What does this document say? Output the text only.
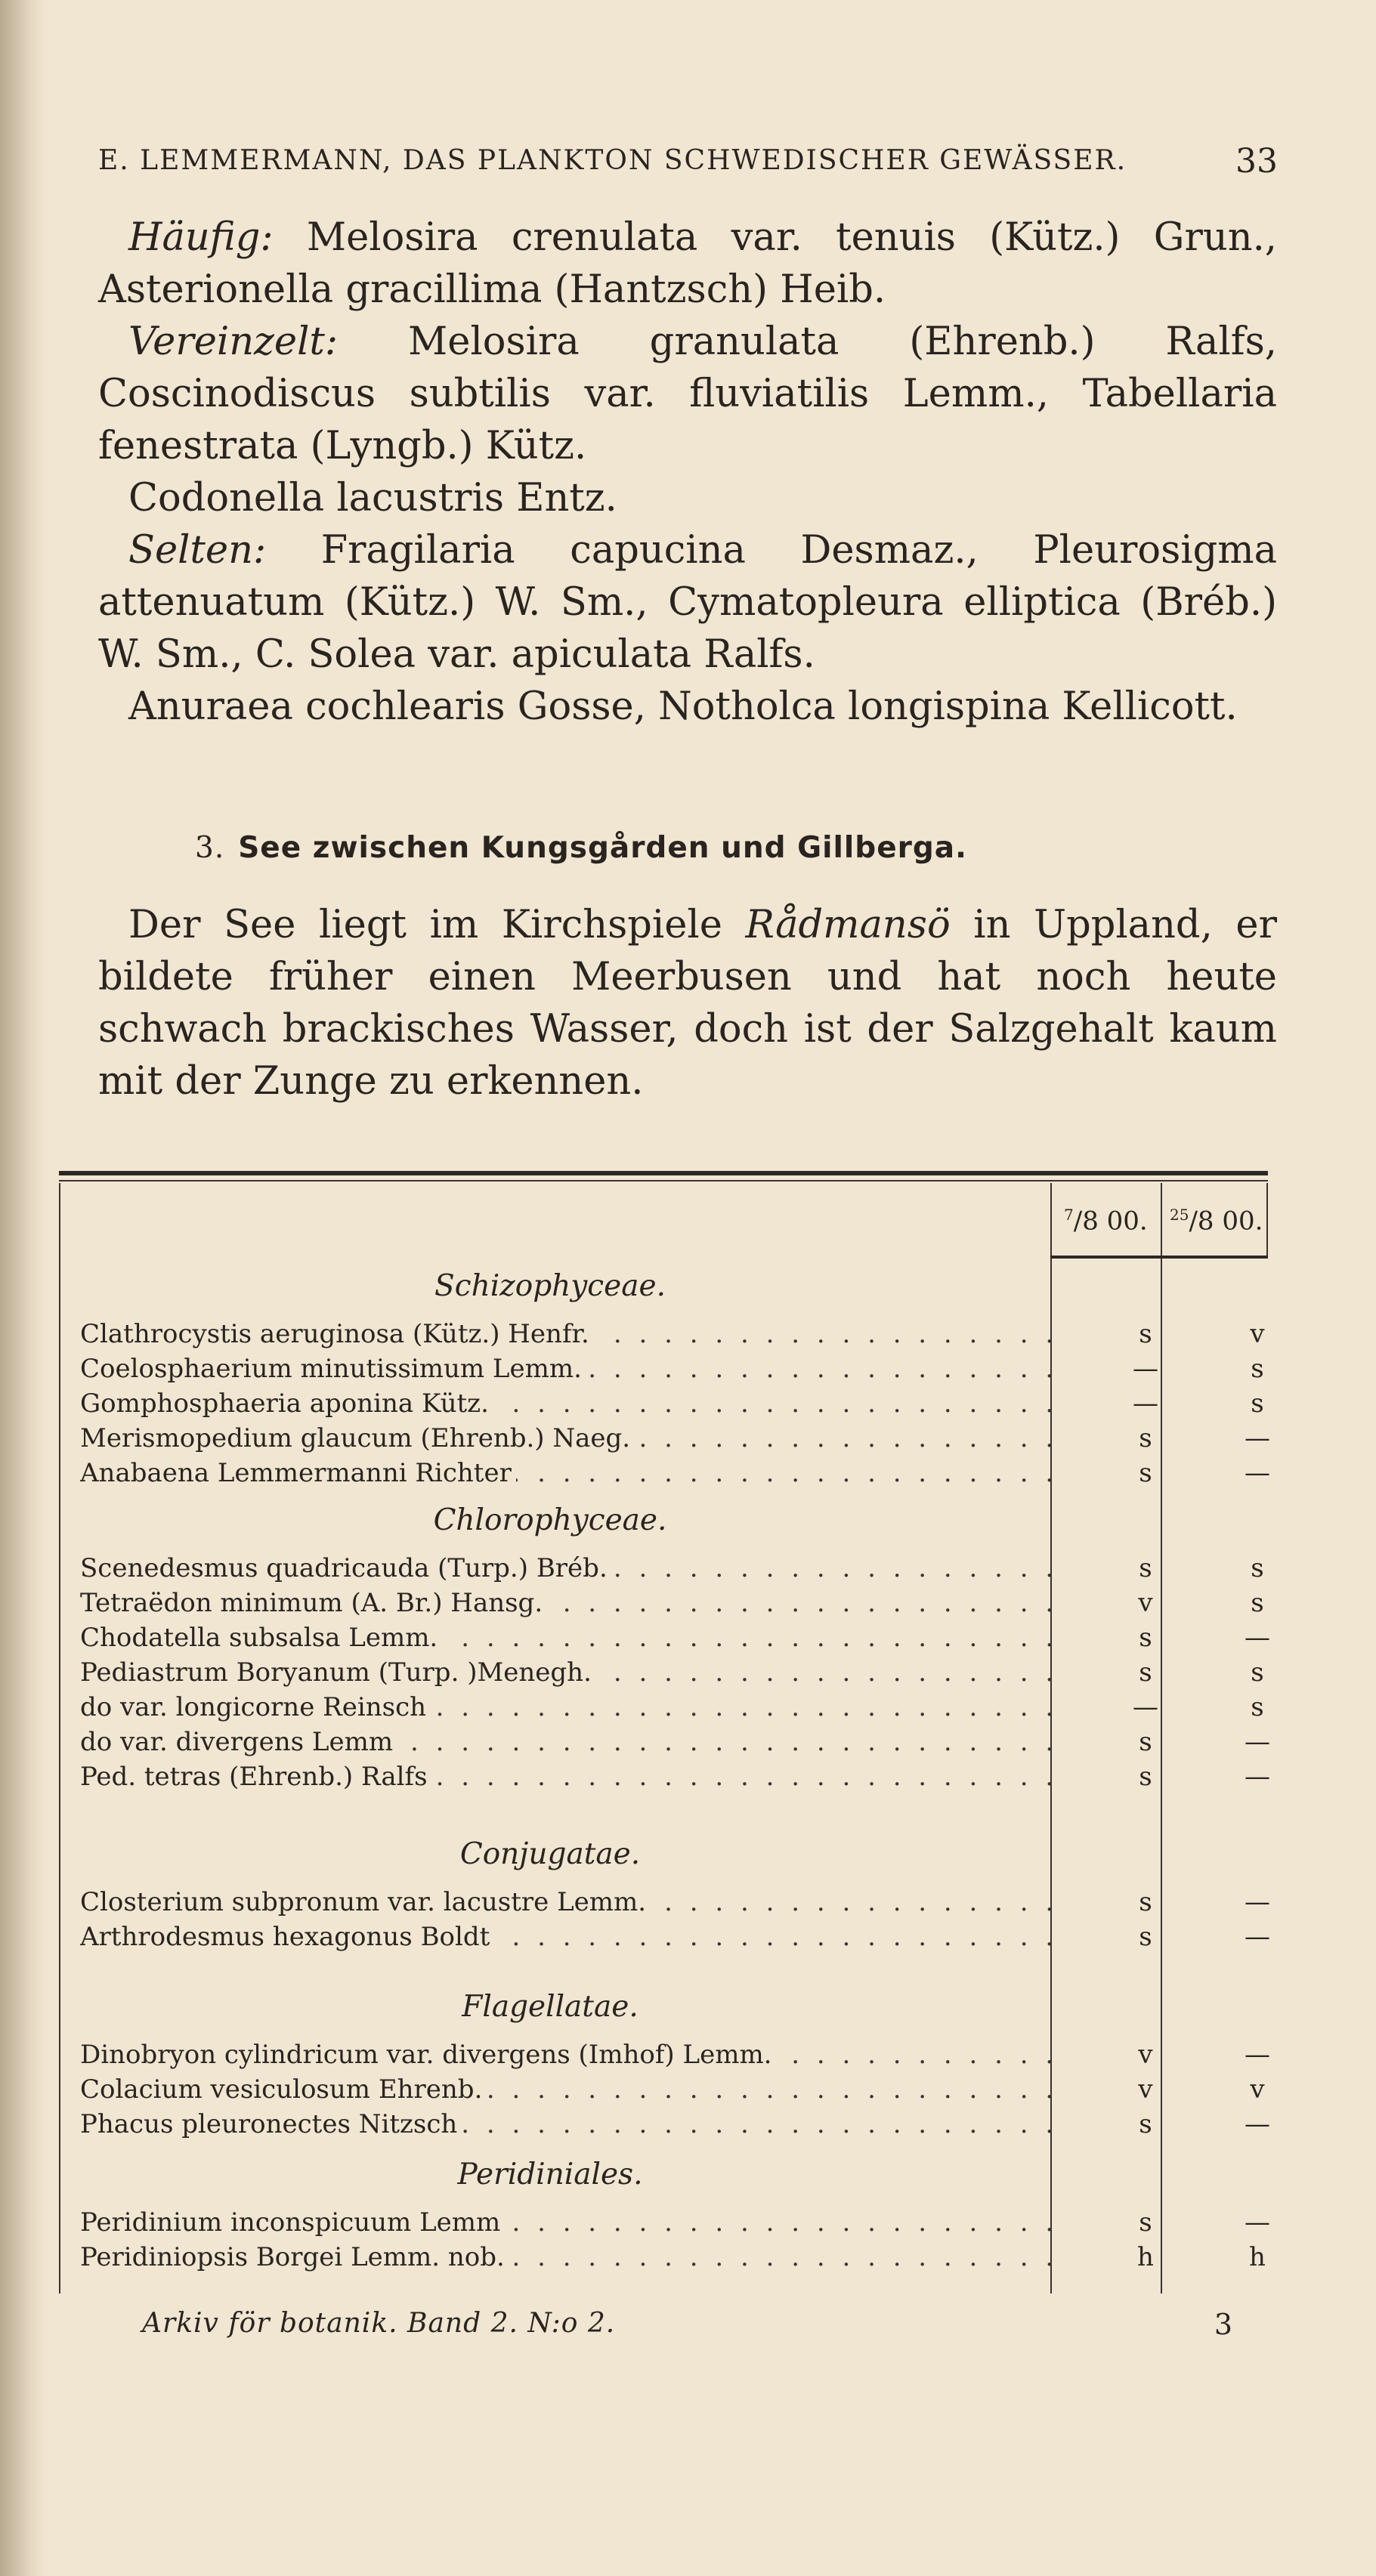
E. LEMMERMANN, DAS PLANKTON SCHWEDISCHER GEWÄSSER.	33

Häufig: Melosira crenulata var. tenuis (Kütz.) Grun., Asterionella gracillima (Hantzsch) Heib.

Vereinzelt: Melosira granulata (Ehrenb.) Ralfs, Coscinodiscus subtilis var. fluviatilis Lemm., Tabellaria fenestrata (Lyngb.) Kütz.

Codonella lacustris Entz.

Selten: Fragilaria capucina Desmaz., Pleurosigma attenuatum (Kütz.) W. Sm., Cymatopleura elliptica (Bréb.) W. Sm., C. Solea var. apiculata Ralfs.

Anuraea cochlearis Gosse, Notholca longispina Kellicott.

3. See zwischen Kungsgården und Gillberga.

Der See liegt im Kirchspiele Rådmansö in Uppland, er bildete früher einen Meerbusen und hat noch heute schwach brackisches Wasser, doch ist der Salzgehalt kaum mit der Zunge zu erkennen.

$^7$/8 00. $^{25}$/8 00.
Schizophyceae.
Clathrocystis aeruginosa (Kütz.) Henfr. . . .	s	v
Coelosphaerium minutissimum Lemm. . . .	—	s
Gomphosphaeria aponina Kütz. . . .	—	s
Merismopedium glaucum (Ehrenb.) Naeg. . . .	s	—
Anabaena Lemmermanni Richter . . .	s	—
Chlorophyceae.
Scenedesmus quadricauda (Turp.) Bréb. . . .	s	s
Tetraëdon minimum (A. Br.) Hansg. . . .	v	s
Chodatella subsalsa Lemm. . . .	s	—
Pediastrum Boryanum (Turp. )Menegh. . . .	s	s
do var. longicorne Reinsch . . .	—	s
do var. divergens Lemm . . .	s	—
Ped. tetras (Ehrenb.) Ralfs . . .	s	—
Conjugatae.
Closterium subpronum var. lacustre Lemm. . . .	s	—
Arthrodesmus hexagonus Boldt . . .	s	—
Flagellatae.
Dinobryon cylindricum var. divergens (Imhof) Lemm. . . .	v	—
Colacium vesiculosum Ehrenb. . . .	v	v
Phacus pleuronectes Nitzsch . . .	s	—
Peridiniales.
Peridinium inconspicuum Lemm . . .	s	—
Peridiniopsis Borgei Lemm. nob. . . .	h	h
Arkiv för botanik. Band 2. N:o 2.	3
